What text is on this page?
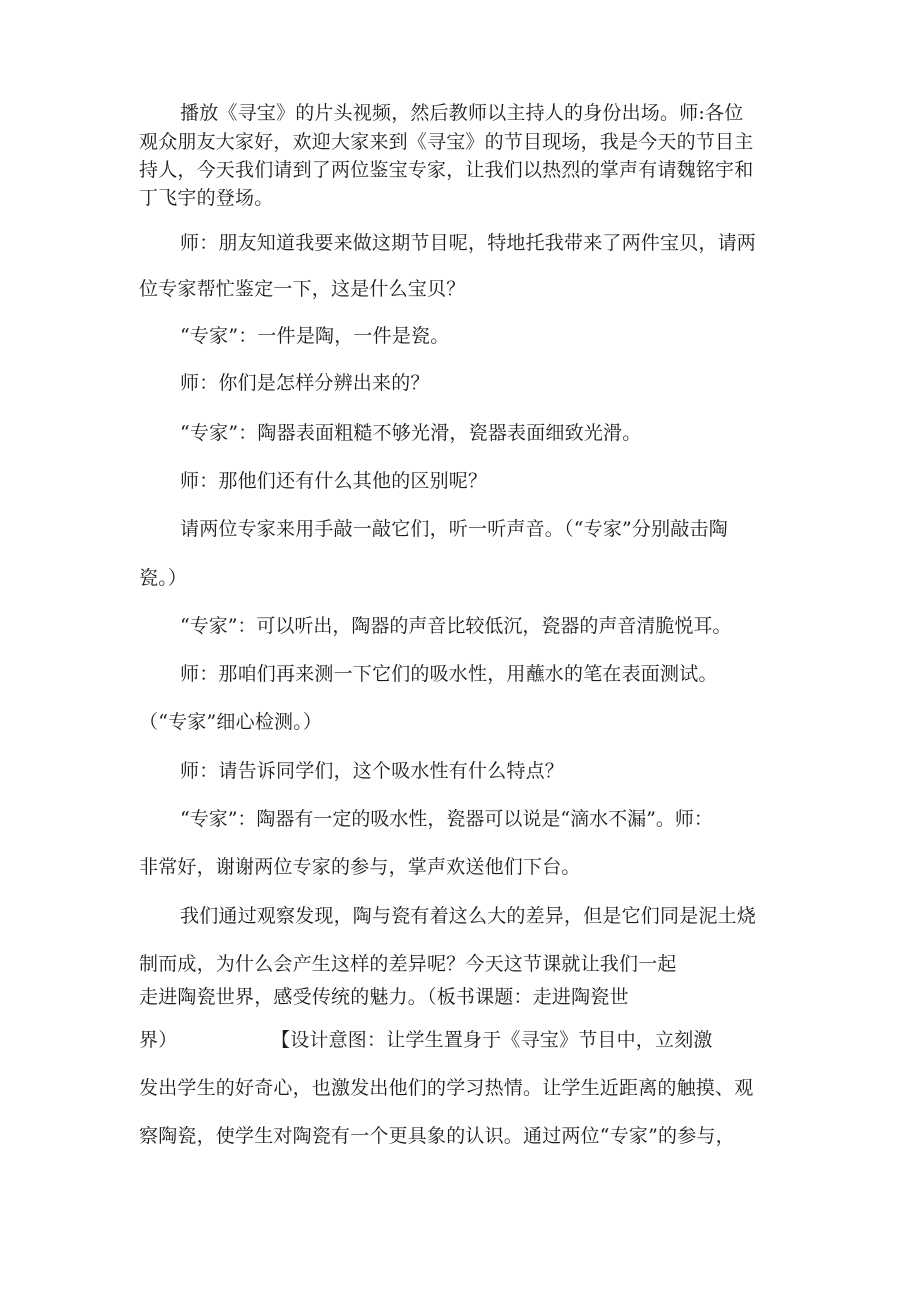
播放《寻宝》的片头视频，然后教师以主持人的身份出场。师:各位
观众朋友大家好，欢迎大家来到《寻宝》的节目现场，我是今天的节目主
持人，今天我们请到了两位鉴宝专家，让我们以热烈的掌声有请魏铭宇和
丁飞宇的登场。
师：朋友知道我要来做这期节目呢，特地托我带来了两件宝贝，请两
位专家帮忙鉴定一下，这是什么宝贝？
“专家”：一件是陶，一件是瓷。
师：你们是怎样分辨出来的？
“专家”：陶器表面粗糙不够光滑，瓷器表面细致光滑。
师：那他们还有什么其他的区别呢？
请两位专家来用手敲一敲它们，听一听声音。（“专家”分别敲击陶
瓷。）
“专家”：可以听出，陶器的声音比较低沉，瓷器的声音清脆悦耳。
师：那咱们再来测一下它们的吸水性，用蘸水的笔在表面测试。
（“专家”细心检测。）
师：请告诉同学们，这个吸水性有什么特点？
“专家”：陶器有一定的吸水性，瓷器可以说是“滴水不漏”。师：
非常好，谢谢两位专家的参与，掌声欢送他们下台。
我们通过观察发现，陶与瓷有着这么大的差异，但是它们同是泥土烧
制而成，为什么会产生这样的差异呢？今天这节课就让我们一起
走进陶瓷世界，感受传统的魅力。（板书课题：走进陶瓷世
界）	【设计意图：让学生置身于《寻宝》节目中，立刻激
发出学生的好奇心，也激发出他们的学习热情。让学生近距离的触摸、观
察陶瓷，使学生对陶瓷有一个更具象的认识。通过两位“专家”的参与，
